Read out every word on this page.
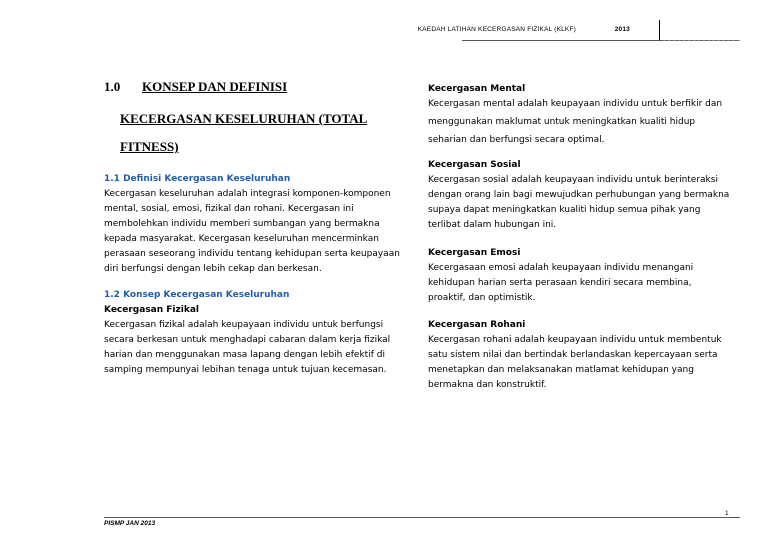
KAEDAH LATIHAN KECERGASAN FIZIKAL (KLKF)	2013
1.0 KONSEP DAN DEFINISI
KECERGASAN KESELURUHAN (TOTAL
FITNESS)
1.1 Definisi Kecergasan Keseluruhan
Kecergasan keseluruhan adalah integrasi komponen-komponen
mental, sosial, emosi, fizikal dan rohani. Kecergasan ini
membolehkan individu memberi sumbangan yang bermakna
kepada masyarakat. Kecergasan keseluruhan mencerminkan
perasaan seseorang individu tentang kehidupan serta keupayaan
diri berfungsi dengan lebih cekap dan berkesan.
1.2 Konsep Kecergasan Keseluruhan
Kecergasan Fizikal
Kecergasan fizikal adalah keupayaan individu untuk berfungsi
secara berkesan untuk menghadapi cabaran dalam kerja fizikal
harian dan menggunakan masa lapang dengan lebih efektif di
samping mempunyai lebihan tenaga untuk tujuan kecemasan.
Kecergasan Mental
Kecergasan mental adalah keupayaan individu untuk berfikir dan
menggunakan maklumat untuk meningkatkan kualiti hidup
seharian dan berfungsi secara optimal.
Kecergasan Sosial
Kecergasan sosial adalah keupayaan individu untuk berinteraksi
dengan orang lain bagi mewujudkan perhubungan yang bermakna
supaya dapat meningkatkan kualiti hidup semua pihak yang
terlibat dalam hubungan ini.
Kecergasan Emosi
Kecergasaan emosi adalah keupayaan individu menangani
kehidupan harian serta perasaan kendiri secara membina,
proaktif, dan optimistik.
Kecergasan Rohani
Kecergasan rohani adalah keupayaan individu untuk membentuk
satu sistem nilai dan bertindak berlandaskan kepercayaan serta
menetapkan dan melaksanakan matlamat kehidupan yang
bermakna dan konstruktif.
1
PISMP JAN 2013
